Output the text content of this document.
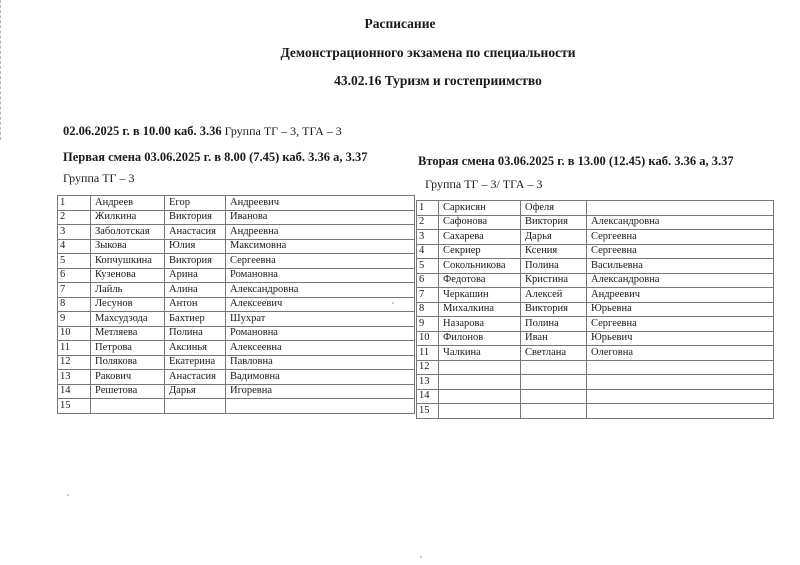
Расписание
Демонстрационного экзамена по специальности
43.02.16 Туризм и гостеприимство
02.06.2025 г. в 10.00 каб. 3.36 Группа ТГ – 3, ТГА – 3
Первая смена 03.06.2025 г. в 8.00 (7.45) каб. 3.36 а, 3.37
Группа ТГ – 3
Вторая смена 03.06.2025 г. в 13.00 (12.45) каб. 3.36 а, 3.37
Группа ТГ – 3/ ТГА – 3
1	Андреев	Егор	Андреевич
2	Жилкина	Виктория	Иванова
3	Заболотская	Анастасия	Андреевна
4	Зыкова	Юлия	Максимовна
5	Копчушкина	Виктория	Сергеевна
6	Кузенова	Арина	Романовна
7	Лайль	Алина	Александровна
8	Лесунов	Антон	Алексеевич
9	Махсудзода	Бахтиер	Шухрат
10	Метляева	Полина	Романовна
11	Петрова	Аксинья	Алексеевна
12	Полякова	Екатерина	Павловна
13	Ракович	Анастасия	Вадимовна
14	Решетова	Дарья	Игоревна
15			
1	Саркисян	Офеля	
2	Сафонова	Виктория	Александровна
3	Сахарева	Дарья	Сергеевна
4	Секриер	Ксения	Сергеевна
5	Сокольникова	Полина	Васильевна
6	Федотова	Кристина	Александровна
7	Черкашин	Алексей	Андреевич
8	Михалкина	Виктория	Юрьевна
9	Назарова	Полина	Сергеевна
10	Филонов	Иван	Юрьевич
11	Чалкина	Светлана	Олеговна
12			
13			
14			
15			
